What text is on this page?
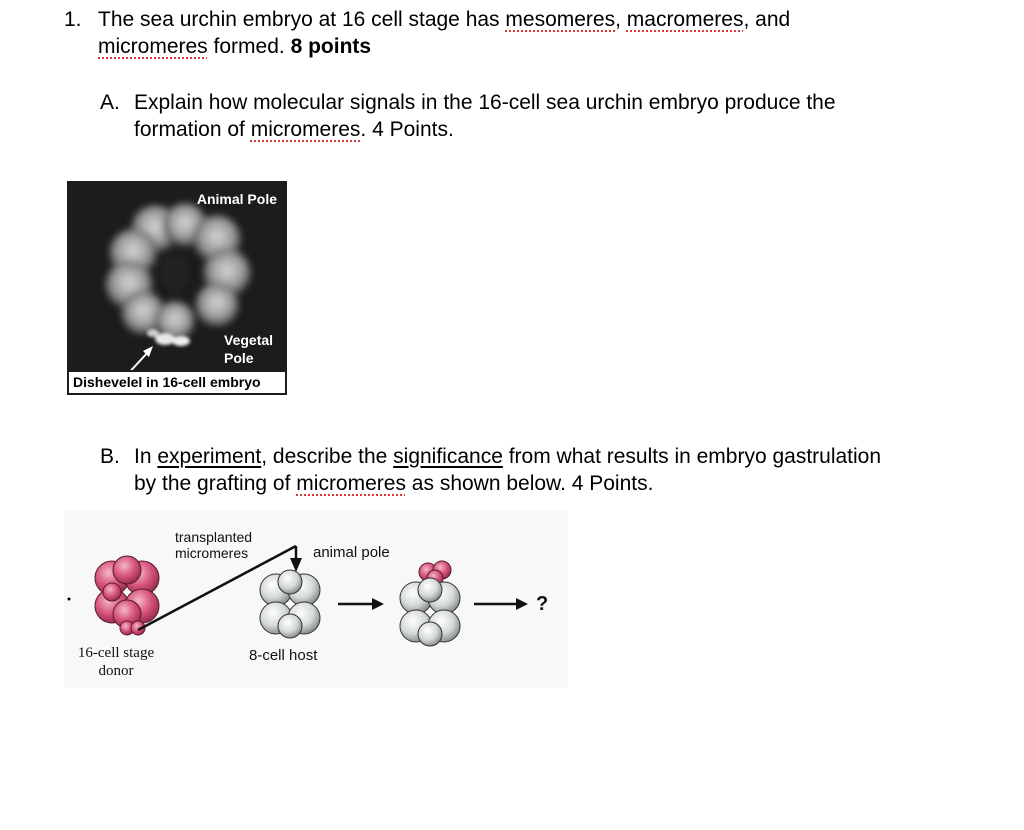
1. The sea urchin embryo at 16 cell stage has mesomeres, macromeres, and
micromeres formed. 8 points
A. Explain how molecular signals in the 16-cell sea urchin embryo produce the
formation of micromeres. 4 Points.
Animal Pole
Vegetal
Pole
Dishevelel in 16-cell embryo
B. In experiment, describe the significance from what results in embryo gastrulation
by the grafting of micromeres as shown below. 4 Points.
transplanted
micromeres	animal pole
?
16-cell stage
donor
8-cell host
